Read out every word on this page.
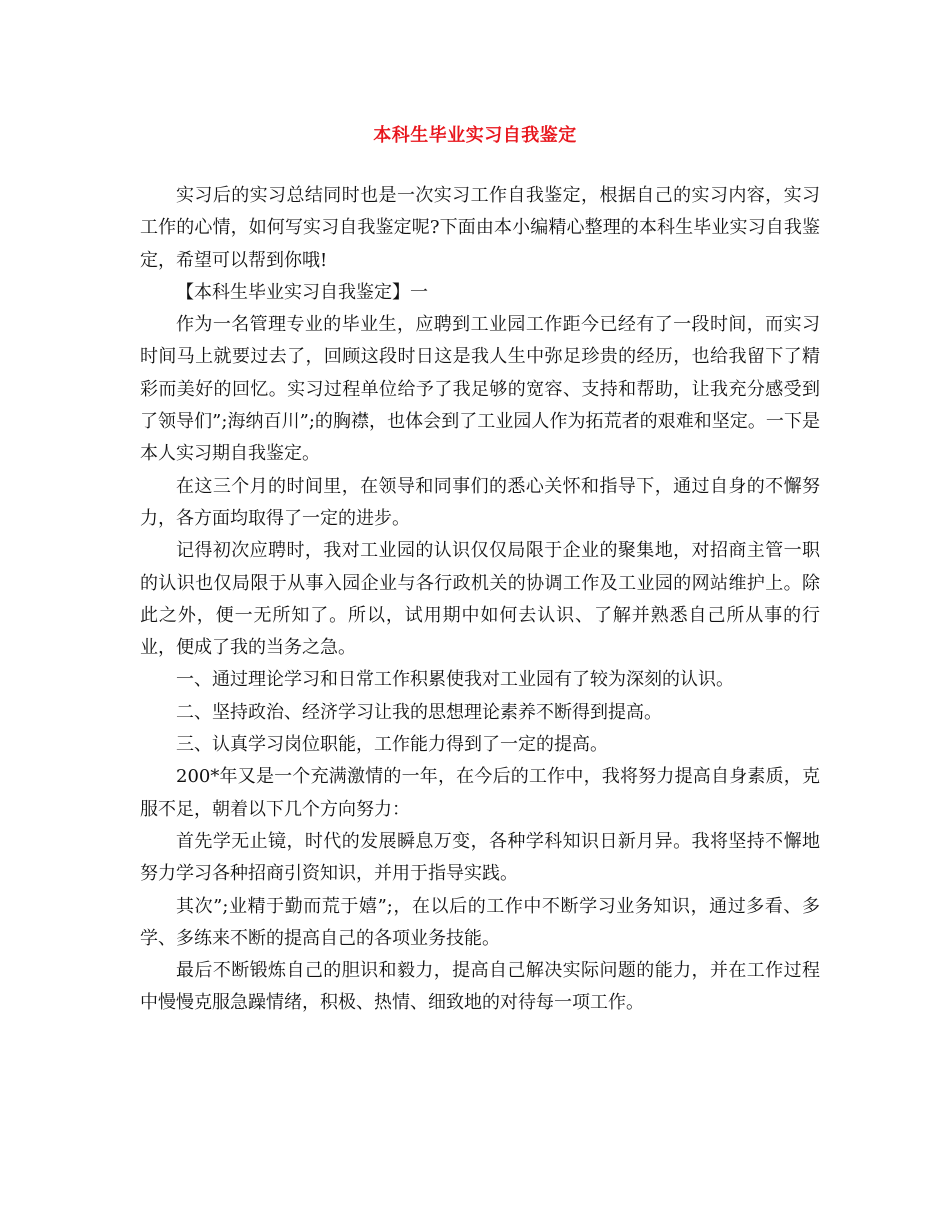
本科生毕业实习自我鉴定

实习后的实习总结同时也是一次实习工作自我鉴定，根据自己的实习内容，实习工作的心情，如何写实习自我鉴定呢?下面由本小编精心整理的本科生毕业实习自我鉴定，希望可以帮到你哦!

【本科生毕业实习自我鉴定】一

作为一名管理专业的毕业生，应聘到工业园工作距今已经有了一段时间，而实习时间马上就要过去了，回顾这段时日这是我人生中弥足珍贵的经历，也给我留下了精彩而美好的回忆。实习过程单位给予了我足够的宽容、支持和帮助，让我充分感受到了领导们”;海纳百川”;的胸襟，也体会到了工业园人作为拓荒者的艰难和坚定。一下是本人实习期自我鉴定。

在这三个月的时间里，在领导和同事们的悉心关怀和指导下，通过自身的不懈努力，各方面均取得了一定的进步。

记得初次应聘时，我对工业园的认识仅仅局限于企业的聚集地，对招商主管一职的认识也仅局限于从事入园企业与各行政机关的协调工作及工业园的网站维护上。除此之外，便一无所知了。所以，试用期中如何去认识、了解并熟悉自己所从事的行业，便成了我的当务之急。

一、通过理论学习和日常工作积累使我对工业园有了较为深刻的认识。

二、坚持政治、经济学习让我的思想理论素养不断得到提高。

三、认真学习岗位职能，工作能力得到了一定的提高。

200*年又是一个充满激情的一年，在今后的工作中，我将努力提高自身素质，克服不足，朝着以下几个方向努力：

首先学无止镜，时代的发展瞬息万变，各种学科知识日新月异。我将坚持不懈地努力学习各种招商引资知识，并用于指导实践。

其次”;业精于勤而荒于嬉”;，在以后的工作中不断学习业务知识，通过多看、多学、多练来不断的提高自己的各项业务技能。

最后不断锻炼自己的胆识和毅力，提高自己解决实际问题的能力，并在工作过程中慢慢克服急躁情绪，积极、热情、细致地的对待每一项工作。
